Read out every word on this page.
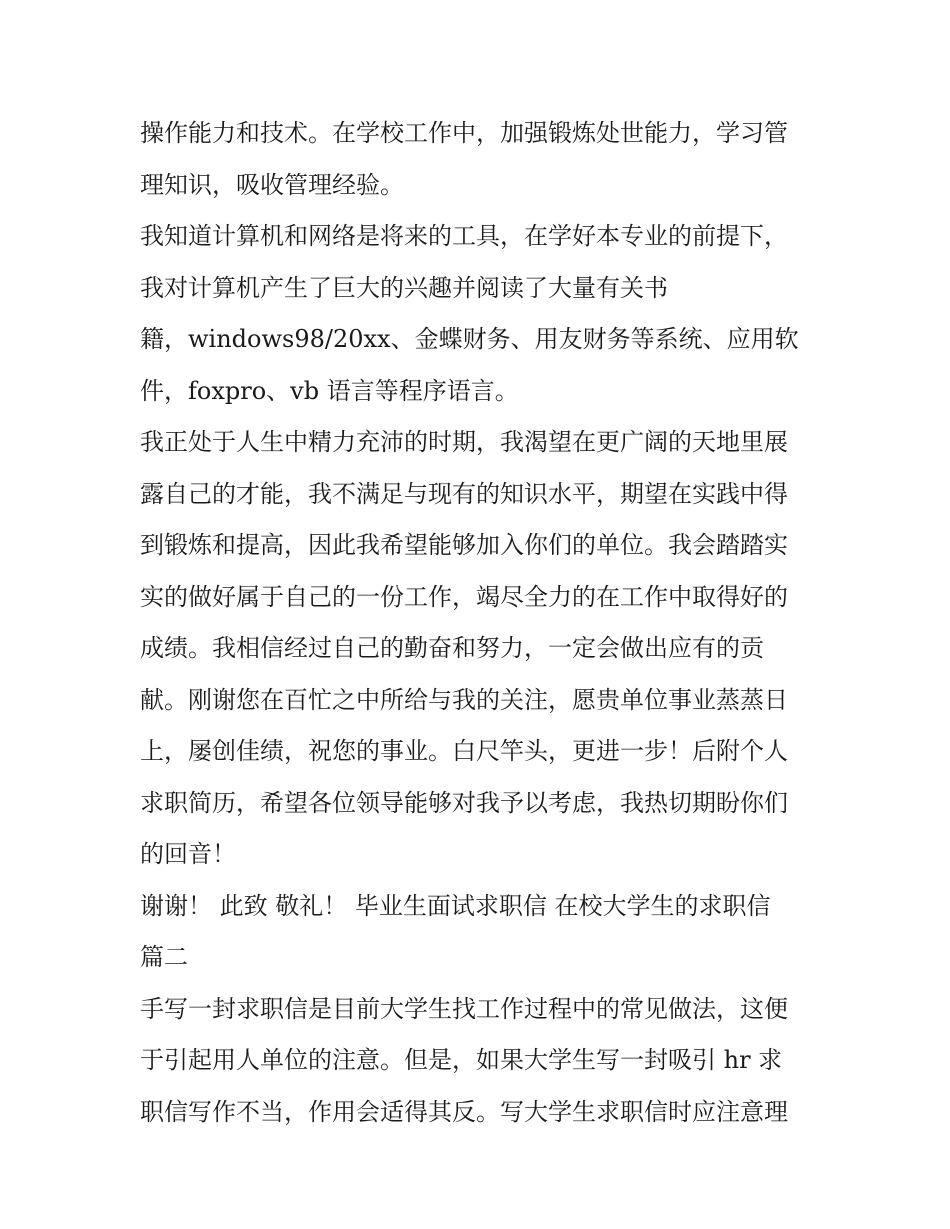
操作能力和技术。在学校工作中，加强锻炼处世能力，学习管
理知识，吸收管理经验。
我知道计算机和网络是将来的工具，在学好本专业的前提下，
我对计算机产生了巨大的兴趣并阅读了大量有关书
籍，windows98/20xx、金蝶财务、用友财务等系统、应用软
件，foxpro、vb 语言等程序语言。
我正处于人生中精力充沛的时期，我渴望在更广阔的天地里展
露自己的才能，我不满足与现有的知识水平，期望在实践中得
到锻炼和提高，因此我希望能够加入你们的单位。我会踏踏实
实的做好属于自己的一份工作，竭尽全力的在工作中取得好的
成绩。我相信经过自己的勤奋和努力，一定会做出应有的贡
献。刚谢您在百忙之中所给与我的关注，愿贵单位事业蒸蒸日
上，屡创佳绩，祝您的事业。白尺竿头，更进一步！后附个人
求职简历，希望各位领导能够对我予以考虑，我热切期盼你们
的回音！
谢谢！ 此致 敬礼！ 毕业生面试求职信 在校大学生的求职信
篇二
手写一封求职信是目前大学生找工作过程中的常见做法，这便
于引起用人单位的注意。但是，如果大学生写一封吸引 hr 求
职信写作不当，作用会适得其反。写大学生求职信时应注意理
